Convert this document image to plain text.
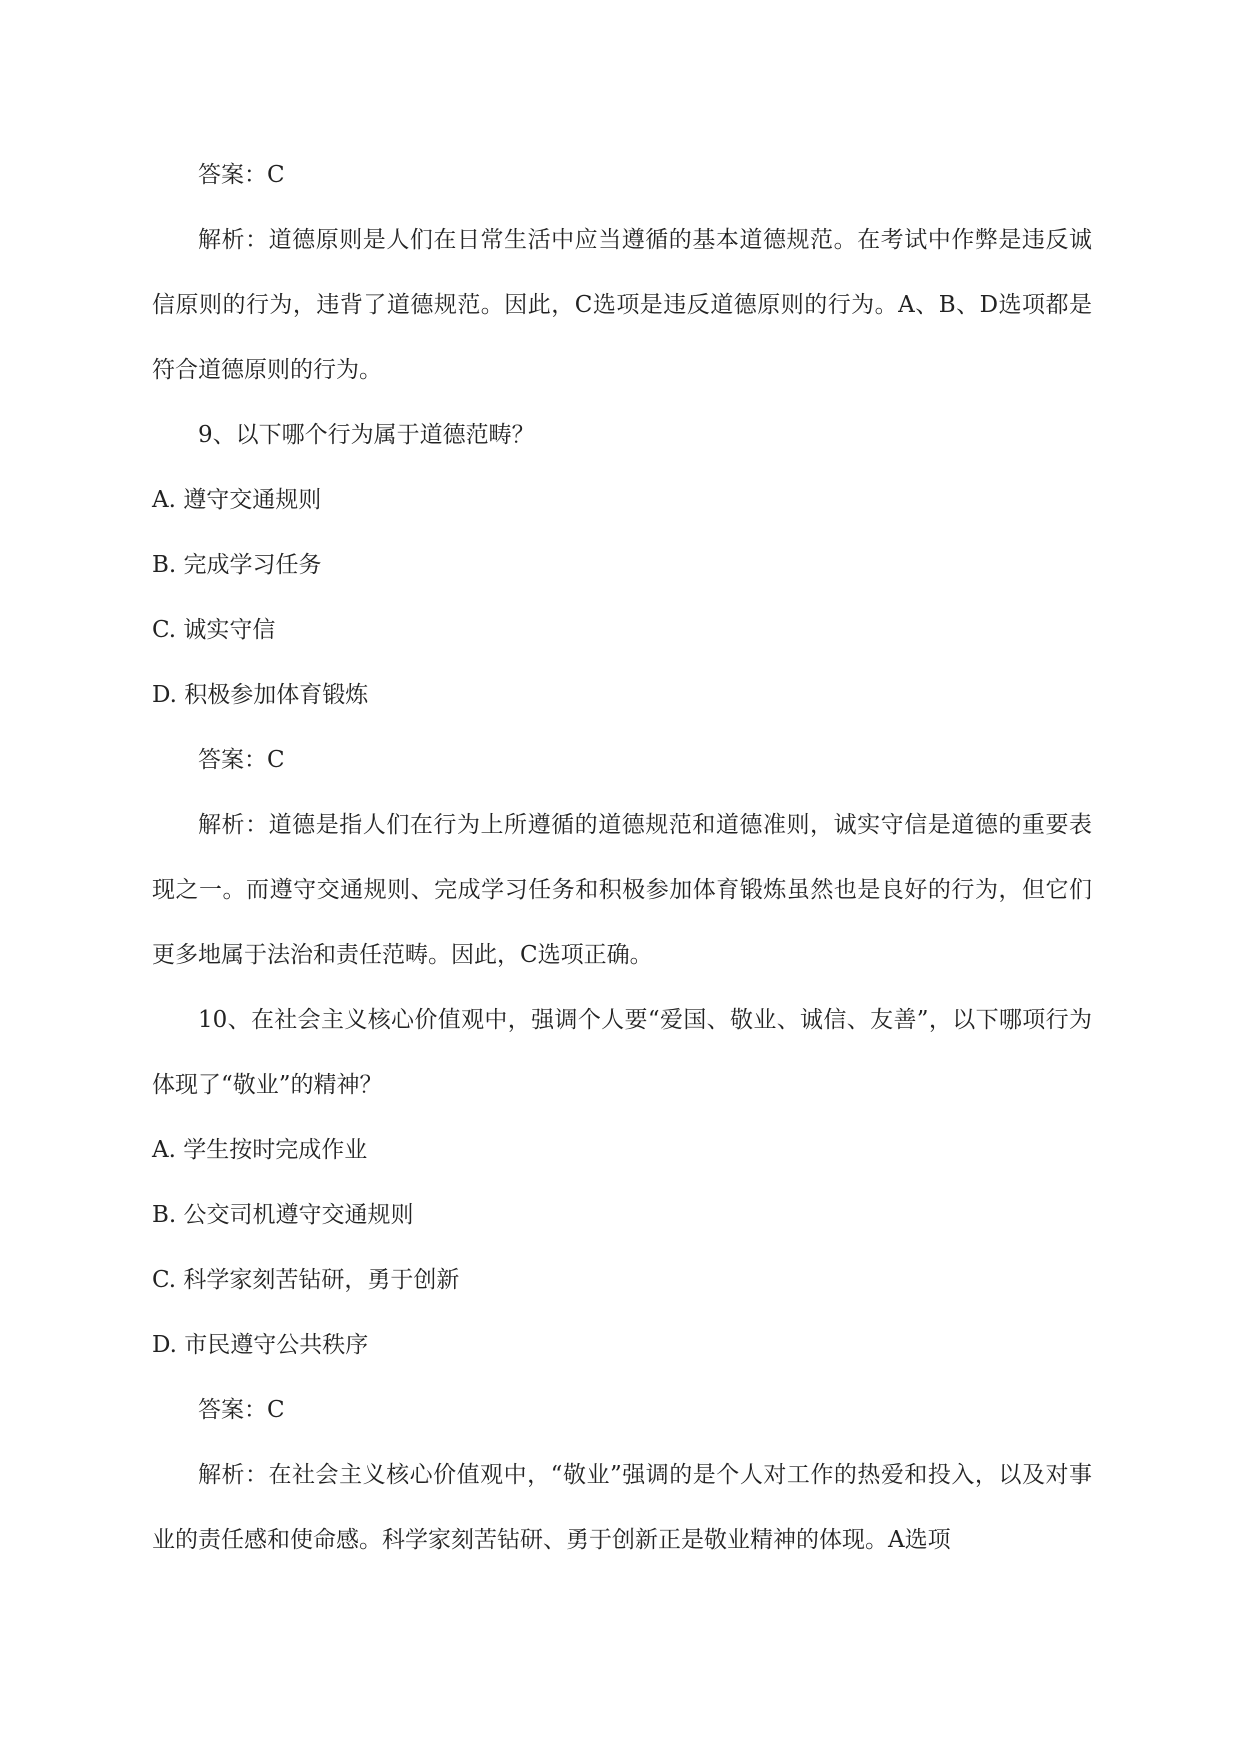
答案：C

解析：道德原则是人们在日常生活中应当遵循的基本道德规范。在考试中作弊是违反诚信原则的行为，违背了道德规范。因此，C选项是违反道德原则的行为。A、B、D选项都是符合道德原则的行为。

9、以下哪个行为属于道德范畴？

A. 遵守交通规则

B. 完成学习任务

C. 诚实守信

D. 积极参加体育锻炼

答案：C

解析：道德是指人们在行为上所遵循的道德规范和道德准则，诚实守信是道德的重要表现之一。而遵守交通规则、完成学习任务和积极参加体育锻炼虽然也是良好的行为，但它们更多地属于法治和责任范畴。因此，C选项正确。

10、在社会主义核心价值观中，强调个人要“爱国、敬业、诚信、友善”，以下哪项行为体现了“敬业”的精神？

A. 学生按时完成作业

B. 公交司机遵守交通规则

C. 科学家刻苦钻研，勇于创新

D. 市民遵守公共秩序

答案：C

解析：在社会主义核心价值观中，“敬业”强调的是个人对工作的热爱和投入，以及对事业的责任感和使命感。科学家刻苦钻研、勇于创新正是敬业精神的体现。A选项
